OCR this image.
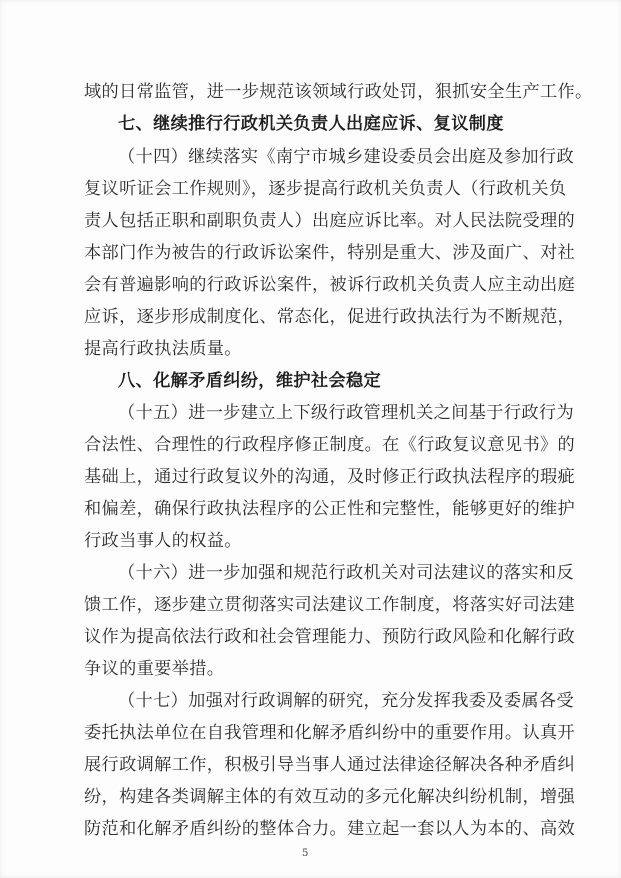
域的日常监管，进一步规范该领域行政处罚，狠抓安全生产工作。
七、继续推行行政机关负责人出庭应诉、复议制度
（十四）继续落实《南宁市城乡建设委员会出庭及参加行政
复议听证会工作规则》，逐步提高行政机关负责人（行政机关负
责人包括正职和副职负责人）出庭应诉比率。对人民法院受理的
本部门作为被告的行政诉讼案件，特别是重大、涉及面广、对社
会有普遍影响的行政诉讼案件，被诉行政机关负责人应主动出庭
应诉，逐步形成制度化、常态化，促进行政执法行为不断规范，
提高行政执法质量。
八、化解矛盾纠纷，维护社会稳定
（十五）进一步建立上下级行政管理机关之间基于行政行为
合法性、合理性的行政程序修正制度。在《行政复议意见书》的
基础上，通过行政复议外的沟通，及时修正行政执法程序的瑕疵
和偏差，确保行政执法程序的公正性和完整性，能够更好的维护
行政当事人的权益。
（十六）进一步加强和规范行政机关对司法建议的落实和反
馈工作，逐步建立贯彻落实司法建议工作制度，将落实好司法建
议作为提高依法行政和社会管理能力、预防行政风险和化解行政
争议的重要举措。
（十七）加强对行政调解的研究，充分发挥我委及委属各受
委托执法单位在自我管理和化解矛盾纠纷中的重要作用。认真开
展行政调解工作，积极引导当事人通过法律途径解决各种矛盾纠
纷，构建各类调解主体的有效互动的多元化解决纠纷机制，增强
防范和化解矛盾纠纷的整体合力。建立起一套以人为本的、高效
5
